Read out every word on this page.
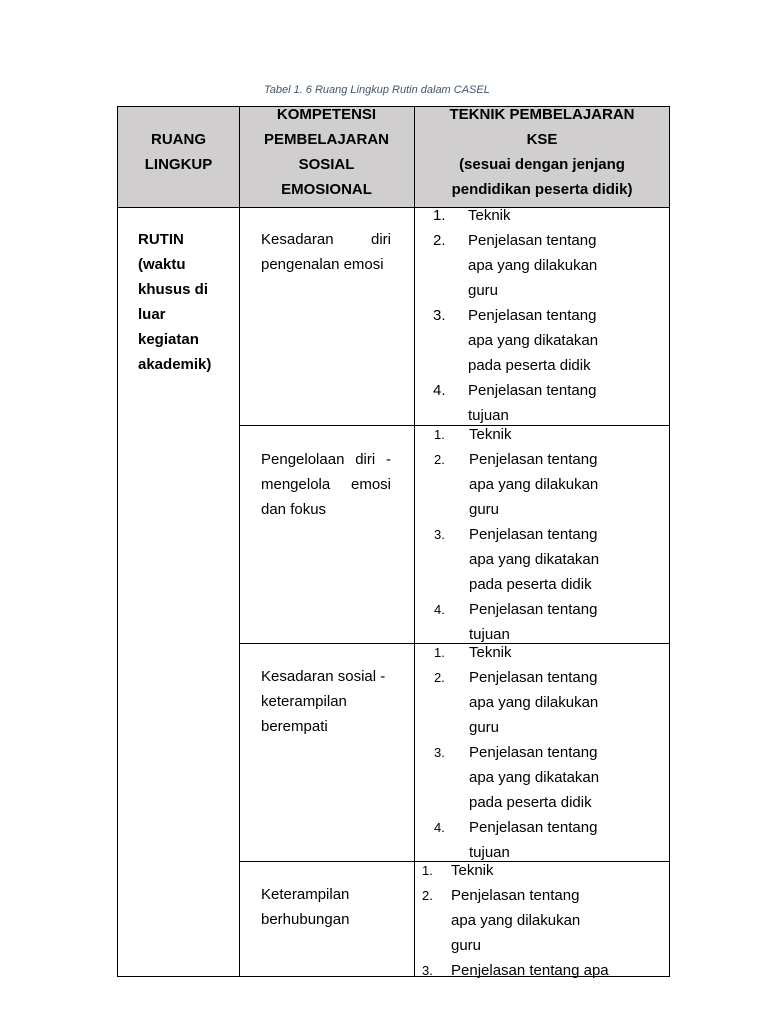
Tabel 1. 6 Ruang Lingkup Rutin dalam CASEL
RUANG
LINGKUP
KOMPETENSI
PEMBELAJARAN
SOSIAL
EMOSIONAL
TEKNIK PEMBELAJARAN
KSE
(sesuai dengan jenjang
pendidikan peserta didik)
RUTIN
(waktu
khusus di
luar
kegiatan
akademik)
Kesadaran diri
pengenalan emosi
1. Teknik
2. Penjelasan tentang
apa yang dilakukan
guru
3. Penjelasan tentang
apa yang dikatakan
pada peserta didik
4. Penjelasan tentang
tujuan
Pengelolaan diri -
mengelola emosi
dan fokus
1. Teknik
2. Penjelasan tentang
apa yang dilakukan
guru
3. Penjelasan tentang
apa yang dikatakan
pada peserta didik
4. Penjelasan tentang
tujuan
Kesadaran sosial -
keterampilan
berempati
1. Teknik
2. Penjelasan tentang
apa yang dilakukan
guru
3. Penjelasan tentang
apa yang dikatakan
pada peserta didik
4. Penjelasan tentang
tujuan
Keterampilan
berhubungan
1. Teknik
2. Penjelasan tentang
apa yang dilakukan
guru
3. Penjelasan tentang apa
